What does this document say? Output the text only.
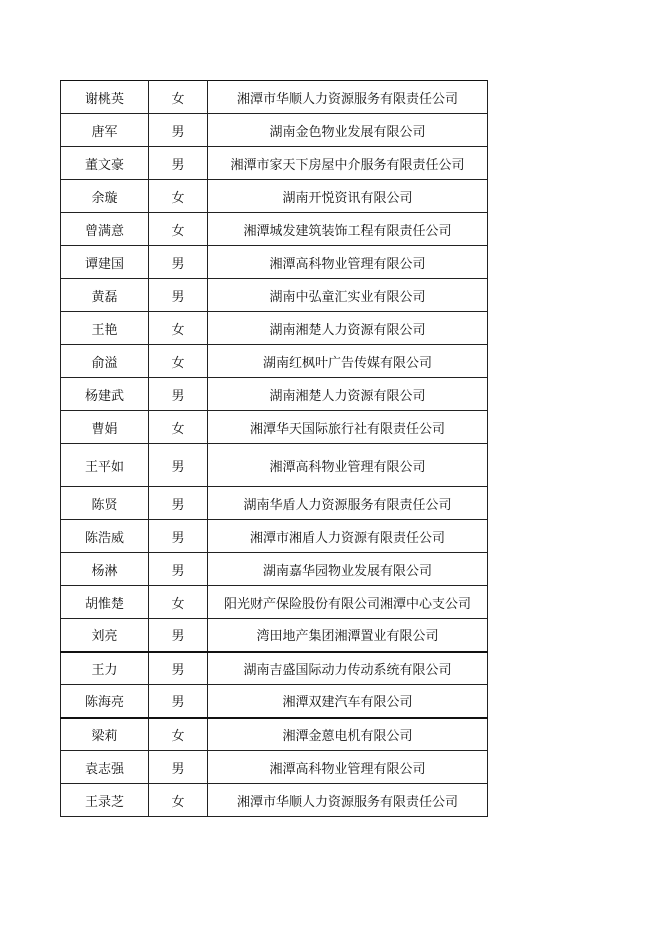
谢桃英	女	湘潭市华顺人力资源服务有限责任公司
唐军	男	湖南金色物业发展有限公司
董文豪	男	湘潭市家天下房屋中介服务有限责任公司
余璇	女	湖南开悦资讯有限公司
曾满意	女	湘潭城发建筑装饰工程有限责任公司
谭建国	男	湘潭高科物业管理有限公司
黄磊	男	湖南中弘童汇实业有限公司
王艳	女	湖南湘楚人力资源有限公司
俞溢	女	湖南红枫叶广告传媒有限公司
杨建武	男	湖南湘楚人力资源有限公司
曹娟	女	湘潭华天国际旅行社有限责任公司
王平如	男	湘潭高科物业管理有限公司
陈贤	男	湖南华盾人力资源服务有限责任公司
陈浩威	男	湘潭市湘盾人力资源有限责任公司
杨淋	男	湖南嘉华园物业发展有限公司
胡惟楚	女	阳光财产保险股份有限公司湘潭中心支公司
刘亮	男	湾田地产集团湘潭置业有限公司
王力	男	湖南吉盛国际动力传动系统有限公司
陈海亮	男	湘潭双建汽车有限公司
梁莉	女	湘潭金蒽电机有限公司
袁志强	男	湘潭高科物业管理有限公司
王录芝	女	湘潭市华顺人力资源服务有限责任公司
